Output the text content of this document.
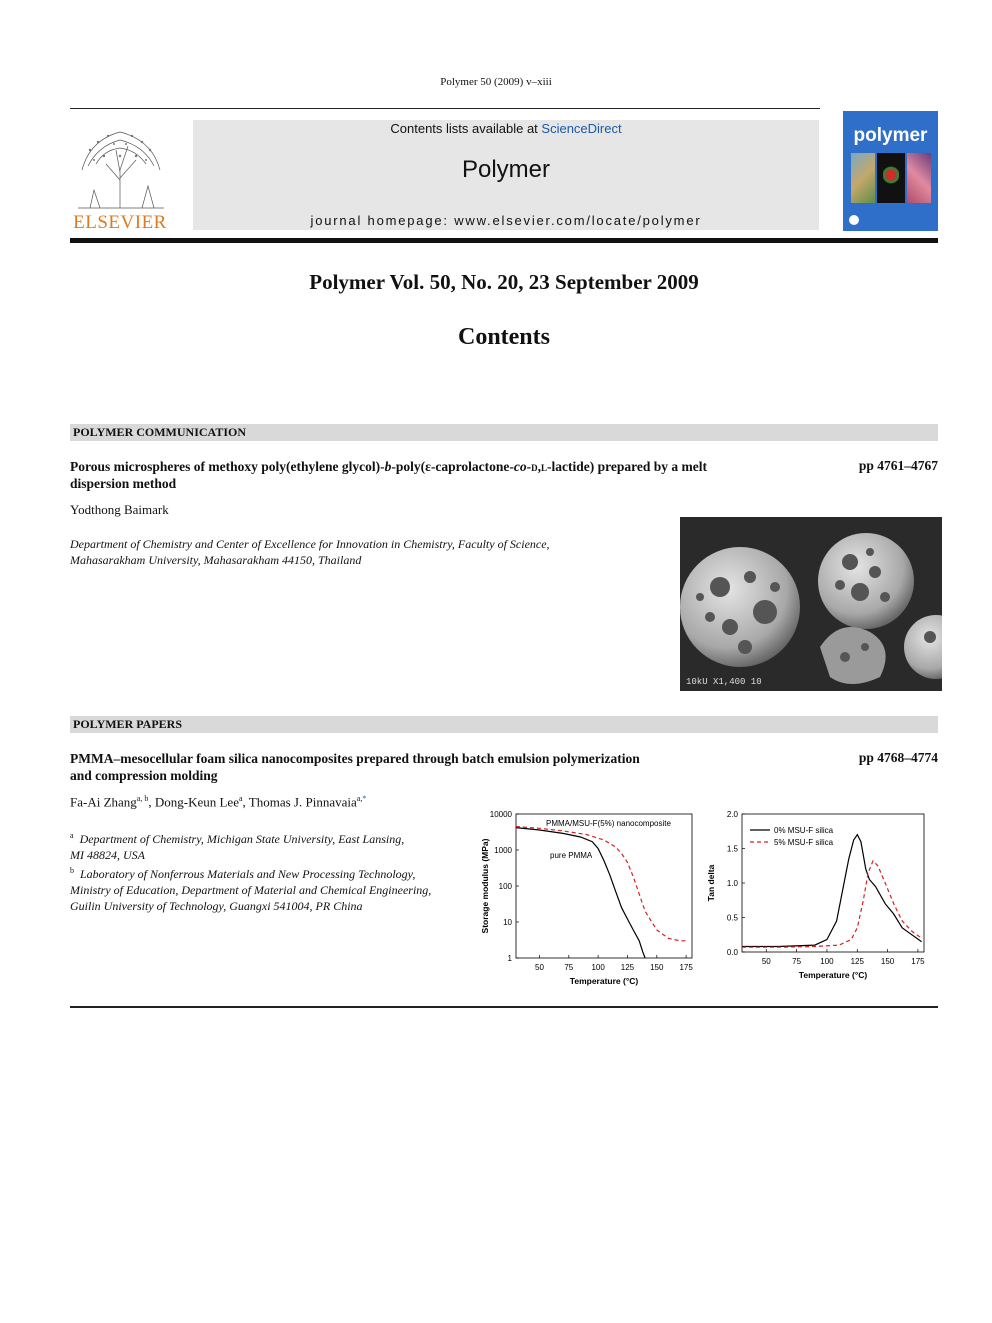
Polymer 50 (2009) v–xiii
ELSEVIER
Contents lists available at ScienceDirect
Polymer
journal homepage: www.elsevier.com/locate/polymer
polymer
Polymer Vol. 50, No. 20, 23 September 2009
Contents
POLYMER COMMUNICATION
Porous microspheres of methoxy poly(ethylene glycol)-b-poly(ε-caprolactone-co-d,l-lactide) prepared by a melt
dispersion method
pp 4761–4767
Yodthong Baimark
Department of Chemistry and Center of Excellence for Innovation in Chemistry, Faculty of Science,
Mahasarakham University, Mahasarakham 44150, Thailand
10kU X1,400 10
POLYMER PAPERS
PMMA–mesocellular foam silica nanocomposites prepared through batch emulsion polymerization
and compression molding
pp 4768–4774
Fa-Ai Zhang$^{a, b}$, Dong-Keun Lee$^a$, Thomas J. Pinnavaia$^{a,*}$
$^a$ Department of Chemistry, Michigan State University, East Lansing,
MI 48824, USA
$^b$ Laboratory of Nonferrous Materials and New Processing Technology,
Ministry of Education, Department of Material and Chemical Engineering,
Guilin University of Technology, Guangxi 541004, PR China
50	75 100 125 150 175
1
10
100
1000
10000
Temperature (°C)
Storage modulus (MPa)
PMMA/MSU-F(5%) nanocomposite
pure PMMA
50	75 100 125 150 175
0.0
0.5
1.0
1.5
2.0
Temperature (°C)
Tan delta
0% MSU-F silica
5% MSU-F silica
